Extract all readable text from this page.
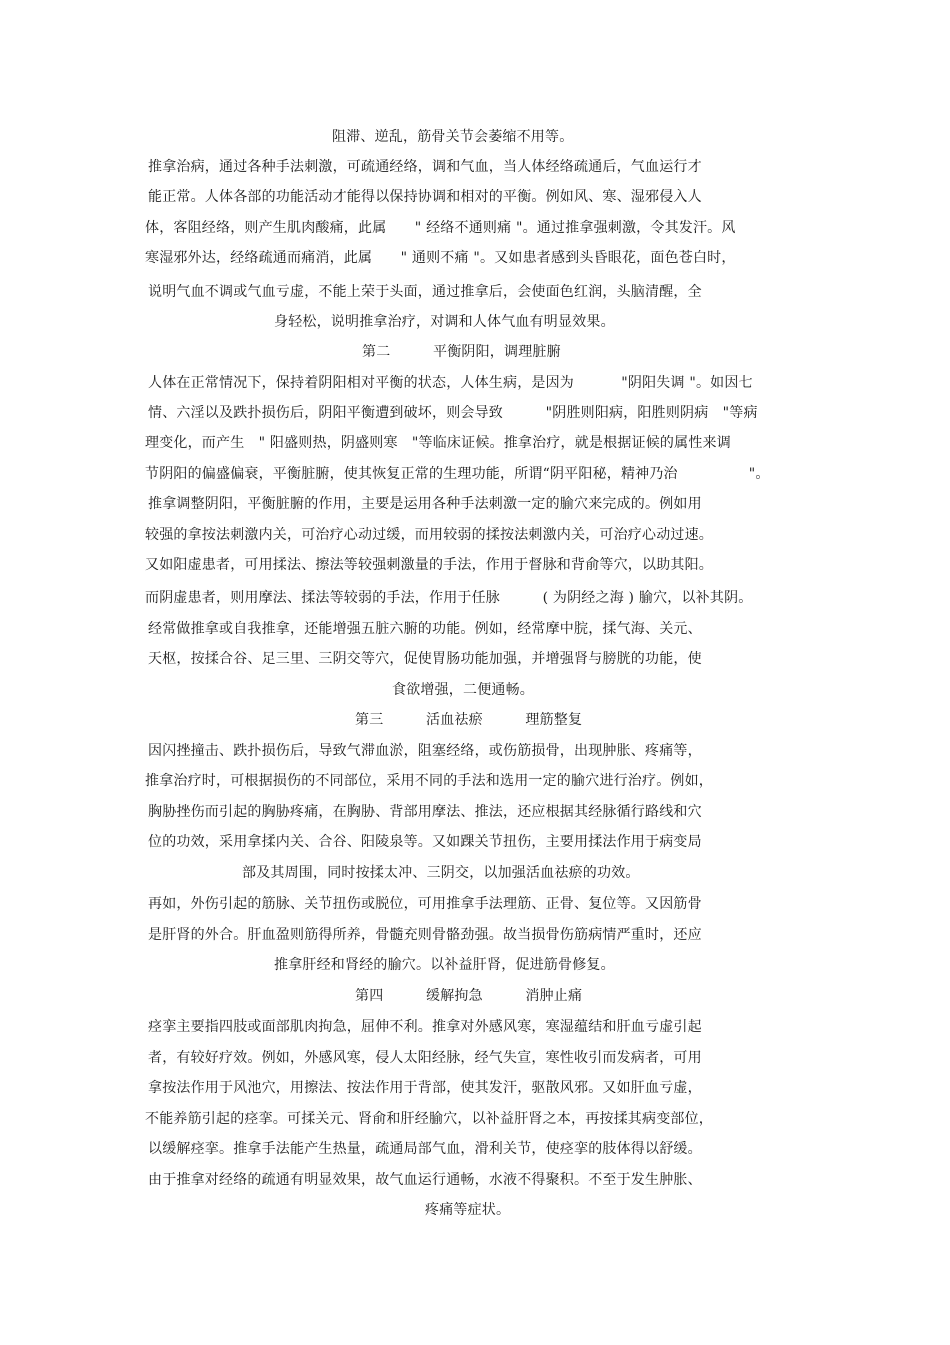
阻滞、逆乱，筋骨关节会萎缩不用等。
推拿治病，通过各种手法刺激，可疏通经络，调和气血，当人体经络疏通后，气血运行才
能正常。人体各部的功能活动才能得以保持协调和相对的平衡。例如风、寒、湿邪侵入人
体，客阻经络，则产生肌肉酸痛，此属　　" 经络不通则痛 "。通过推拿强刺激，令其发汗。风
寒湿邪外达，经络疏通而痛消，此属　　" 通则不痛 "。又如患者感到头昏眼花，面色苍白时，
说明气血不调或气血亏虚，不能上荣于头面，通过推拿后，会使面色红润，头脑清醒，全
身轻松，说明推拿治疗，对调和人体气血有明显效果。
第二　　　平衡阴阳，调理脏腑
人体在正常情况下，保持着阴阳相对平衡的状态，人体生病，是因为　　　 "阴阳失调 "。如因七
情、六淫以及跌扑损伤后，阴阳平衡遭到破坏，则会导致　　　"阴胜则阳病，阳胜则阴病　"等病
理变化，而产生　" 阳盛则热，阴盛则寒　"等临床证候。推拿治疗，就是根据证候的属性来调
节阴阳的偏盛偏衰，平衡脏腑，使其恢复正常的生理功能，所谓“阴平阳秘，精神乃治　　　　　"。
推拿调整阴阳，平衡脏腑的作用，主要是运用各种手法刺激一定的腧穴来完成的。例如用
较强的拿按法刺激内关，可治疗心动过缓，而用较弱的揉按法刺激内关，可治疗心动过速。
又如阳虚患者，可用揉法、擦法等较强刺激量的手法，作用于督脉和背俞等穴，以助其阳。
而阴虚患者，则用摩法、揉法等较弱的手法，作用于任脉　　　( 为阴经之海 ) 腧穴，以补其阴。
经常做推拿或自我推拿，还能增强五脏六腑的功能。例如，经常摩中脘，揉气海、关元、
天枢，按揉合谷、足三里、三阴交等穴，促使胃肠功能加强，并增强肾与膀胱的功能，使
食欲增强，二便通畅。
第三　　　活血祛瘀　　　理筋整复
因闪挫撞击、跌扑损伤后，导致气滞血淤，阻塞经络，或伤筋损骨，出现肿胀、疼痛等，
推拿治疗时，可根据损伤的不同部位，采用不同的手法和选用一定的腧穴进行治疗。例如，
胸胁挫伤而引起的胸胁疼痛，在胸胁、背部用摩法、推法，还应根据其经脉循行路线和穴
位的功效，采用拿揉内关、合谷、阳陵泉等。又如踝关节扭伤，主要用揉法作用于病变局
部及其周围，同时按揉太冲、三阴交，以加强活血祛瘀的功效。
再如，外伤引起的筋脉、关节扭伤或脱位，可用推拿手法理筋、正骨、复位等。又因筋骨
是肝肾的外合。肝血盈则筋得所养，骨髓充则骨骼劲强。故当损骨伤筋病情严重时，还应
推拿肝经和肾经的腧穴。以补益肝肾，促进筋骨修复。
第四　　　缓解拘急　　　消肿止痛
痉挛主要指四肢或面部肌肉拘急，屈伸不利。推拿对外感风寒，寒湿蕴结和肝血亏虚引起
者，有较好疗效。例如，外感风寒，侵人太阳经脉，经气失宣，寒性收引而发病者，可用
拿按法作用于风池穴，用擦法、按法作用于背部，使其发汗，驱散风邪。又如肝血亏虚，
不能养筋引起的痉挛。可揉关元、肾俞和肝经腧穴，以补益肝肾之本，再按揉其病变部位，
以缓解痉挛。推拿手法能产生热量，疏通局部气血，滑利关节，使痉挛的肢体得以舒缓。
由于推拿对经络的疏通有明显效果，故气血运行通畅，水液不得聚积。不至于发生肿胀、
疼痛等症状。
